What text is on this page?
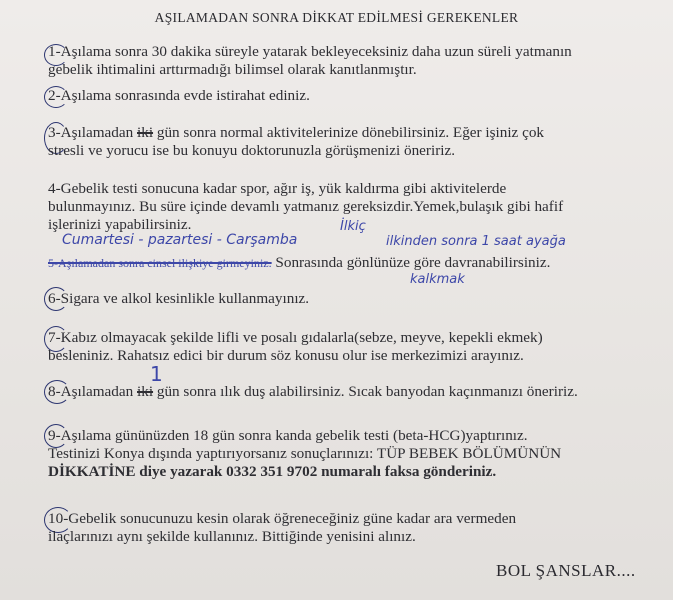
AŞILAMADAN SONRA DİKKAT EDİLMESİ GEREKENLER
1-Aşılama sonra 30 dakika süreyle yatarak bekleyeceksiniz daha uzun süreli yatmanın
gebelik ihtimalini arttırmadığı bilimsel olarak kanıtlanmıştır.
2-Aşılama sonrasında evde istirahat ediniz.
3-Aşılamadan iki gün sonra normal aktivitelerinize dönebilirsiniz. Eğer işiniz çok
stresli ve yorucu ise bu konuyu doktorunuzla görüşmenizi öneririz.
4-Gebelik testi sonucuna kadar spor, ağır iş, yük kaldırma gibi aktivitelerde
bulunmayınız. Bu süre içinde devamlı yatmanız gereksizdir.Yemek,bulaşık gibi hafif
işlerinizi yapabilirsiniz.	İlkiç
Cumartesi - pazartesi - Carşamba	ilkinden sonra 1 saat ayağa
5-Aşılamadan sonra cinsel ilişkiye girmeyiniz. Sonrasında gönlünüze göre davranabilirsiniz.
kalkmak
6-Sigara ve alkol kesinlikle kullanmayınız.
7-Kabız olmayacak şekilde lifli ve posalı gıdalarla(sebze, meyve, kepekli ekmek)
besleniniz. Rahatsız edici bir durum söz konusu olur ise merkezimizi arayınız.
1
8-Aşılamadan iki gün sonra ılık duş alabilirsiniz. Sıcak banyodan kaçınmanızı öneririz.
9-Aşılama gününüzden 18 gün sonra kanda gebelik testi (beta-HCG)yaptırınız.
Testinizi Konya dışında yaptırıyorsanız sonuçlarınızı: TÜP BEBEK BÖLÜMÜNÜN
DİKKATİNE diye yazarak 0332 351 9702 numaralı faksa gönderiniz.
10-Gebelik sonucunuzu kesin olarak öğreneceğiniz güne kadar ara vermeden
ilaçlarınızı aynı şekilde kullanınız. Bittiğinde yenisini alınız.
BOL ŞANSLAR....
